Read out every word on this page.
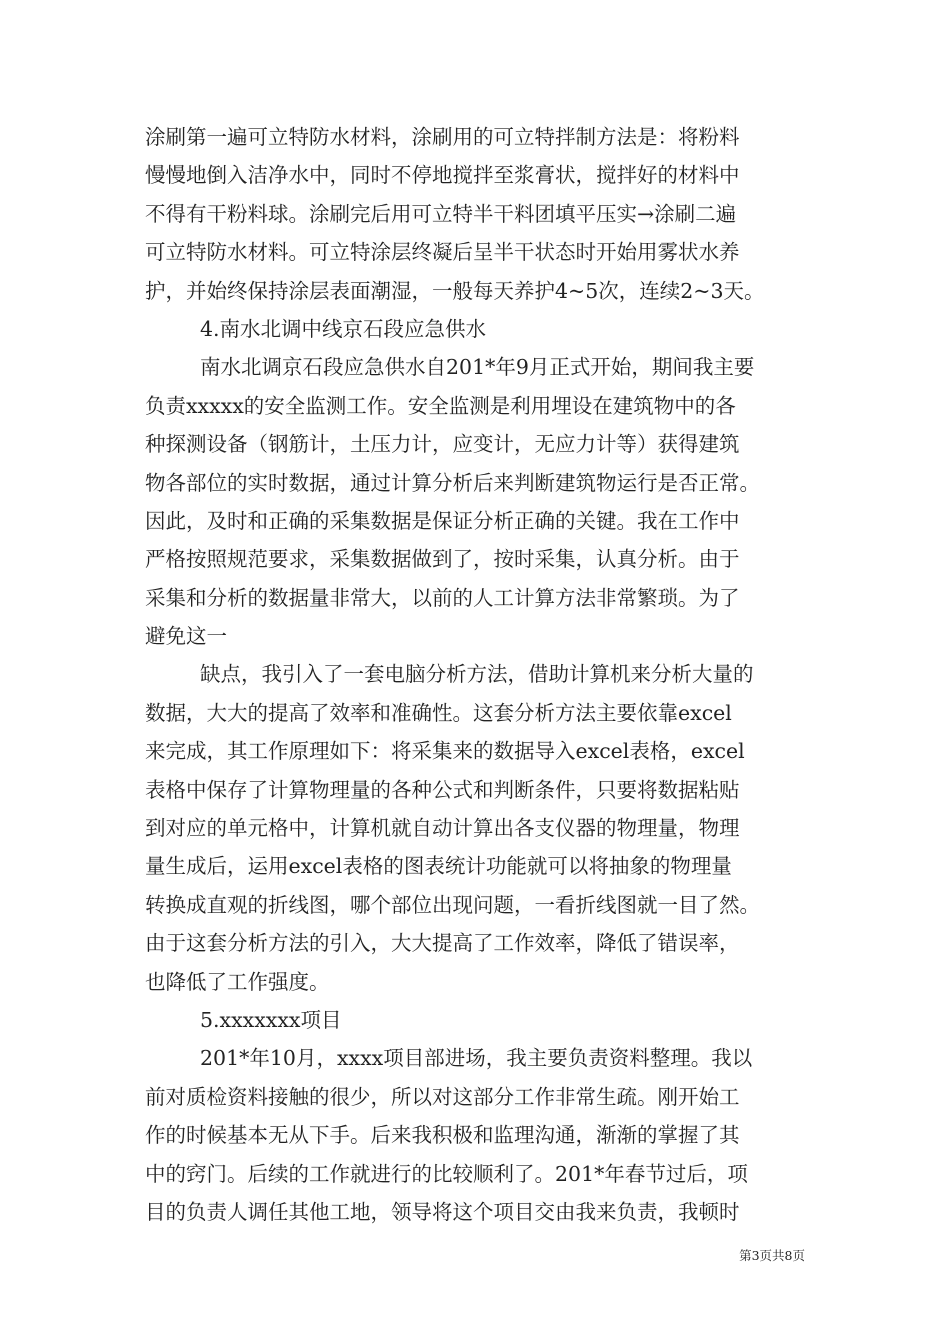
涂刷第一遍可立特防水材料，涂刷用的可立特拌制方法是：将粉料
慢慢地倒入洁净水中，同时不停地搅拌至浆膏状，搅拌好的材料中
不得有干粉料球。涂刷完后用可立特半干料团填平压实→涂刷二遍
可立特防水材料。可立特涂层终凝后呈半干状态时开始用雾状水养
护，并始终保持涂层表面潮湿，一般每天养护4~5次，连续2~3天。
4.南水北调中线京石段应急供水
南水北调京石段应急供水自201*年9月正式开始，期间我主要
负责xxxxx的安全监测工作。安全监测是利用埋设在建筑物中的各
种探测设备（钢筋计，土压力计，应变计，无应力计等）获得建筑
物各部位的实时数据，通过计算分析后来判断建筑物运行是否正常。
因此，及时和正确的采集数据是保证分析正确的关键。我在工作中
严格按照规范要求，采集数据做到了，按时采集，认真分析。由于
采集和分析的数据量非常大，以前的人工计算方法非常繁琐。为了
避免这一
缺点，我引入了一套电脑分析方法，借助计算机来分析大量的
数据，大大的提高了效率和准确性。这套分析方法主要依靠excel
来完成，其工作原理如下：将采集来的数据导入excel表格，excel
表格中保存了计算物理量的各种公式和判断条件，只要将数据粘贴
到对应的单元格中，计算机就自动计算出各支仪器的物理量，物理
量生成后，运用excel表格的图表统计功能就可以将抽象的物理量
转换成直观的折线图，哪个部位出现问题，一看折线图就一目了然。
由于这套分析方法的引入，大大提高了工作效率，降低了错误率，
也降低了工作强度。
5.xxxxxxx项目
201*年10月，xxxx项目部进场，我主要负责资料整理。我以
前对质检资料接触的很少，所以对这部分工作非常生疏。刚开始工
作的时候基本无从下手。后来我积极和监理沟通，渐渐的掌握了其
中的窍门。后续的工作就进行的比较顺利了。201*年春节过后，项
目的负责人调任其他工地，领导将这个项目交由我来负责，我顿时
第3页共8页
